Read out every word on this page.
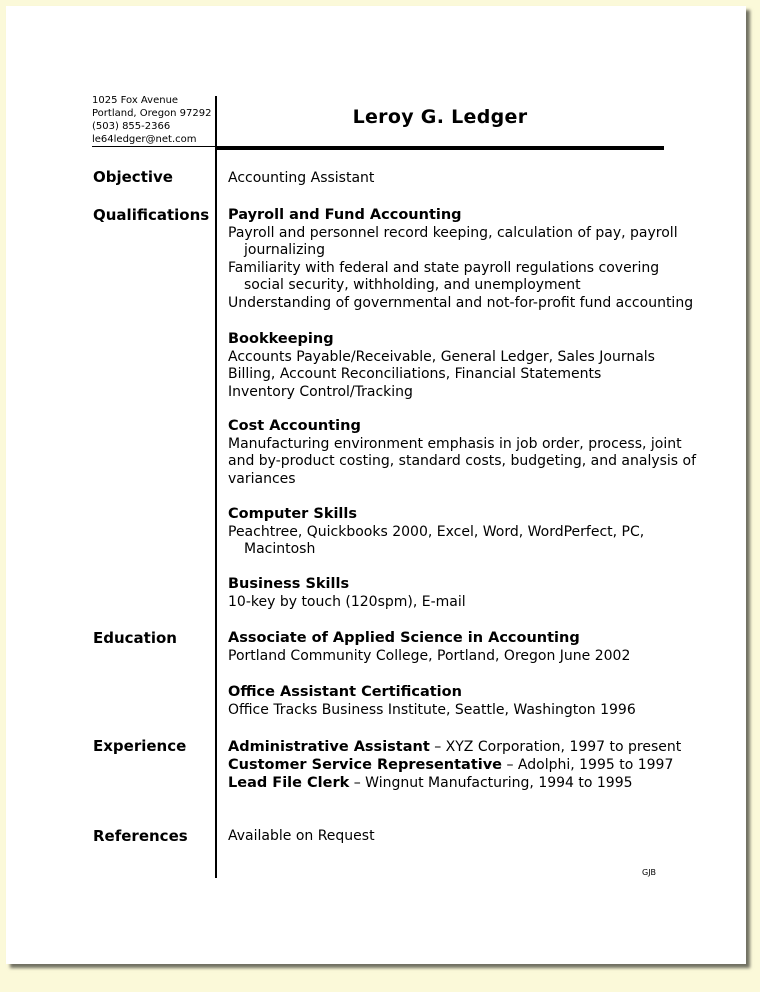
1025 Fox Avenue
Portland, Oregon 97292
(503) 855-2366
le64ledger@net.com
Leroy G. Ledger
Objective	Accounting Assistant
Qualifications Payroll and Fund Accounting
Payroll and personnel record keeping, calculation of pay, payroll
journalizing
Familiarity with federal and state payroll regulations covering
social security, withholding, and unemployment
Understanding of governmental and not-for-profit fund accounting
Bookkeeping
Accounts Payable/Receivable, General Ledger, Sales Journals
Billing, Account Reconciliations, Financial Statements
Inventory Control/Tracking
Cost Accounting
Manufacturing environment emphasis in job order, process, joint
and by-product costing, standard costs, budgeting, and analysis of
variances
Computer Skills
Peachtree, Quickbooks 2000, Excel, Word, WordPerfect, PC,
Macintosh
Business Skills
10-key by touch (120spm), E-mail
Education	Associate of Applied Science in Accounting
Portland Community College, Portland, Oregon June 2002
Office Assistant Certification
Office Tracks Business Institute, Seattle, Washington 1996
Experience	Administrative Assistant – XYZ Corporation, 1997 to present
Customer Service Representative – Adolphi, 1995 to 1997
Lead File Clerk – Wingnut Manufacturing, 1994 to 1995
References	Available on Request
GJB
